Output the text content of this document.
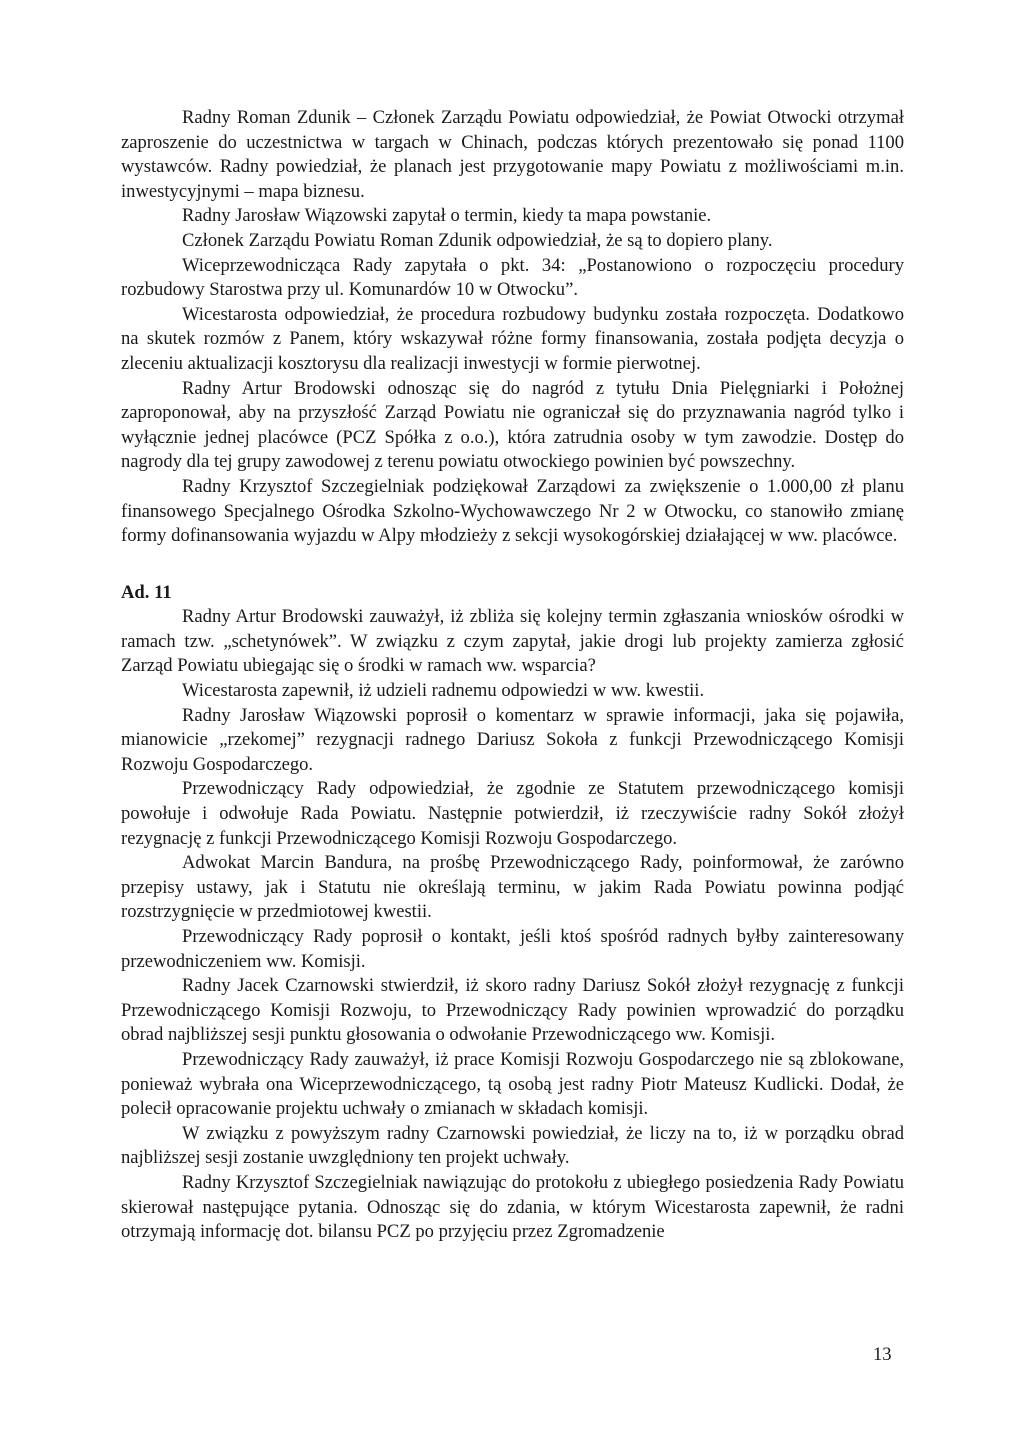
Radny Roman Zdunik – Członek Zarządu Powiatu odpowiedział, że Powiat Otwocki otrzymał zaproszenie do uczestnictwa w targach w Chinach, podczas których prezentowało się ponad 1100 wystawców. Radny powiedział, że planach jest przygotowanie mapy Powiatu z możliwościami m.in. inwestycyjnymi – mapa biznesu.

Radny Jarosław Wiązowski zapytał o termin, kiedy ta mapa powstanie.

Członek Zarządu Powiatu Roman Zdunik odpowiedział, że są to dopiero plany.

Wiceprzewodnicząca Rady zapytała o pkt. 34: „Postanowiono o rozpoczęciu procedury rozbudowy Starostwa przy ul. Komunardów 10 w Otwocku”.

Wicestarosta odpowiedział, że procedura rozbudowy budynku została rozpoczęta. Dodatkowo na skutek rozmów z Panem, który wskazywał różne formy finansowania, została podjęta decyzja o zleceniu aktualizacji kosztorysu dla realizacji inwestycji w formie pierwotnej.

Radny Artur Brodowski odnosząc się do nagród z tytułu Dnia Pielęgniarki i Położnej zaproponował, aby na przyszłość Zarząd Powiatu nie ograniczał się do przyznawania nagród tylko i wyłącznie jednej placówce (PCZ Spółka z o.o.), która zatrudnia osoby w tym zawodzie. Dostęp do nagrody dla tej grupy zawodowej z terenu powiatu otwockiego powinien być powszechny.

Radny Krzysztof Szczegielniak podziękował Zarządowi za zwiększenie o 1.000,00 zł planu finansowego Specjalnego Ośrodka Szkolno-Wychowawczego Nr 2 w Otwocku, co stanowiło zmianę formy dofinansowania wyjazdu w Alpy młodzieży z sekcji wysokogórskiej działającej w ww. placówce.

Ad. 11

Radny Artur Brodowski zauważył, iż zbliża się kolejny termin zgłaszania wniosków ośrodki w ramach tzw. „schetynówek”. W związku z czym zapytał, jakie drogi lub projekty zamierza zgłosić Zarząd Powiatu ubiegając się o środki w ramach ww. wsparcia?

Wicestarosta zapewnił, iż udzieli radnemu odpowiedzi w ww. kwestii.

Radny Jarosław Wiązowski poprosił o komentarz w sprawie informacji, jaka się pojawiła, mianowicie „rzekomej” rezygnacji radnego Dariusz Sokoła z funkcji Przewodniczącego Komisji Rozwoju Gospodarczego.

Przewodniczący Rady odpowiedział, że zgodnie ze Statutem przewodniczącego komisji powołuje i odwołuje Rada Powiatu. Następnie potwierdził, iż rzeczywiście radny Sokół złożył rezygnację z funkcji Przewodniczącego Komisji Rozwoju Gospodarczego.

Adwokat Marcin Bandura, na prośbę Przewodniczącego Rady, poinformował, że zarówno przepisy ustawy, jak i Statutu nie określają terminu, w jakim Rada Powiatu powinna podjąć rozstrzygnięcie w przedmiotowej kwestii.

Przewodniczący Rady poprosił o kontakt, jeśli ktoś spośród radnych byłby zainteresowany przewodniczeniem ww. Komisji.

Radny Jacek Czarnowski stwierdził, iż skoro radny Dariusz Sokół złożył rezygnację z funkcji Przewodniczącego Komisji Rozwoju, to Przewodniczący Rady powinien wprowadzić do porządku obrad najbliższej sesji punktu głosowania o odwołanie Przewodniczącego ww. Komisji.

Przewodniczący Rady zauważył, iż prace Komisji Rozwoju Gospodarczego nie są zblokowane, ponieważ wybrała ona Wiceprzewodniczącego, tą osobą jest radny Piotr Mateusz Kudlicki. Dodał, że polecił opracowanie projektu uchwały o zmianach w składach komisji.

W związku z powyższym radny Czarnowski powiedział, że liczy na to, iż w porządku obrad najbliższej sesji zostanie uwzględniony ten projekt uchwały.

Radny Krzysztof Szczegielniak nawiązując do protokołu z ubiegłego posiedzenia Rady Powiatu skierował następujące pytania. Odnosząc się do zdania, w którym Wicestarosta zapewnił, że radni otrzymają informację dot. bilansu PCZ po przyjęciu przez Zgromadzenie

13
